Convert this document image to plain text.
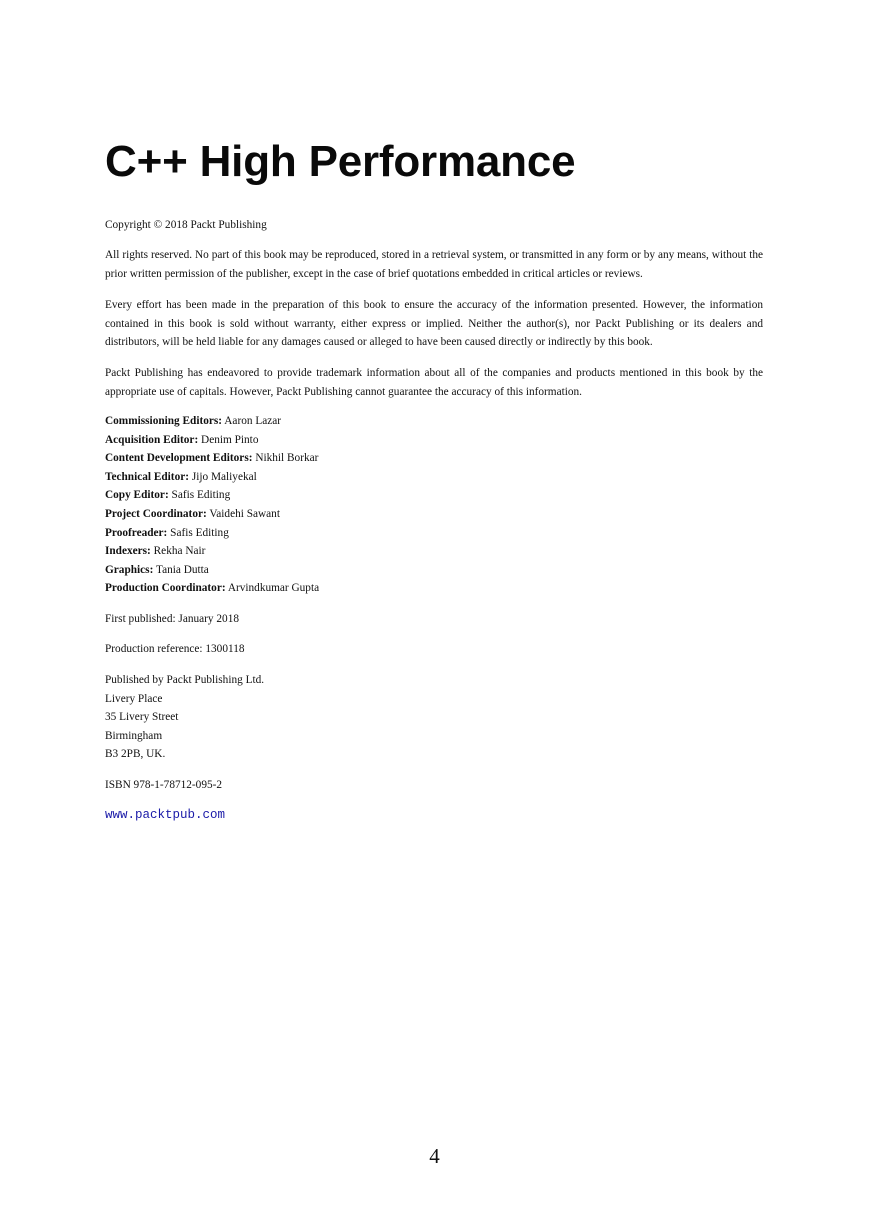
C++ High Performance

Copyright © 2018 Packt Publishing

All rights reserved. No part of this book may be reproduced, stored in a retrieval system, or transmitted in any form or by any means, without the prior written permission of the publisher, except in the case of brief quotations embedded in critical articles or reviews.

Every effort has been made in the preparation of this book to ensure the accuracy of the information presented. However, the information contained in this book is sold without warranty, either express or implied. Neither the author(s), nor Packt Publishing or its dealers and distributors, will be held liable for any damages caused or alleged to have been caused directly or indirectly by this book.

Packt Publishing has endeavored to provide trademark information about all of the companies and products mentioned in this book by the appropriate use of capitals. However, Packt Publishing cannot guarantee the accuracy of this information.

Commissioning Editors: Aaron Lazar
Acquisition Editor: Denim Pinto
Content Development Editors: Nikhil Borkar
Technical Editor: Jijo Maliyekal
Copy Editor: Safis Editing
Project Coordinator: Vaidehi Sawant
Proofreader: Safis Editing
Indexers: Rekha Nair
Graphics: Tania Dutta
Production Coordinator: Arvindkumar Gupta

First published: January 2018

Production reference: 1300118

Published by Packt Publishing Ltd.
Livery Place
35 Livery Street
Birmingham
B3 2PB, UK.

ISBN 978-1-78712-095-2

www.packtpub.com
4
